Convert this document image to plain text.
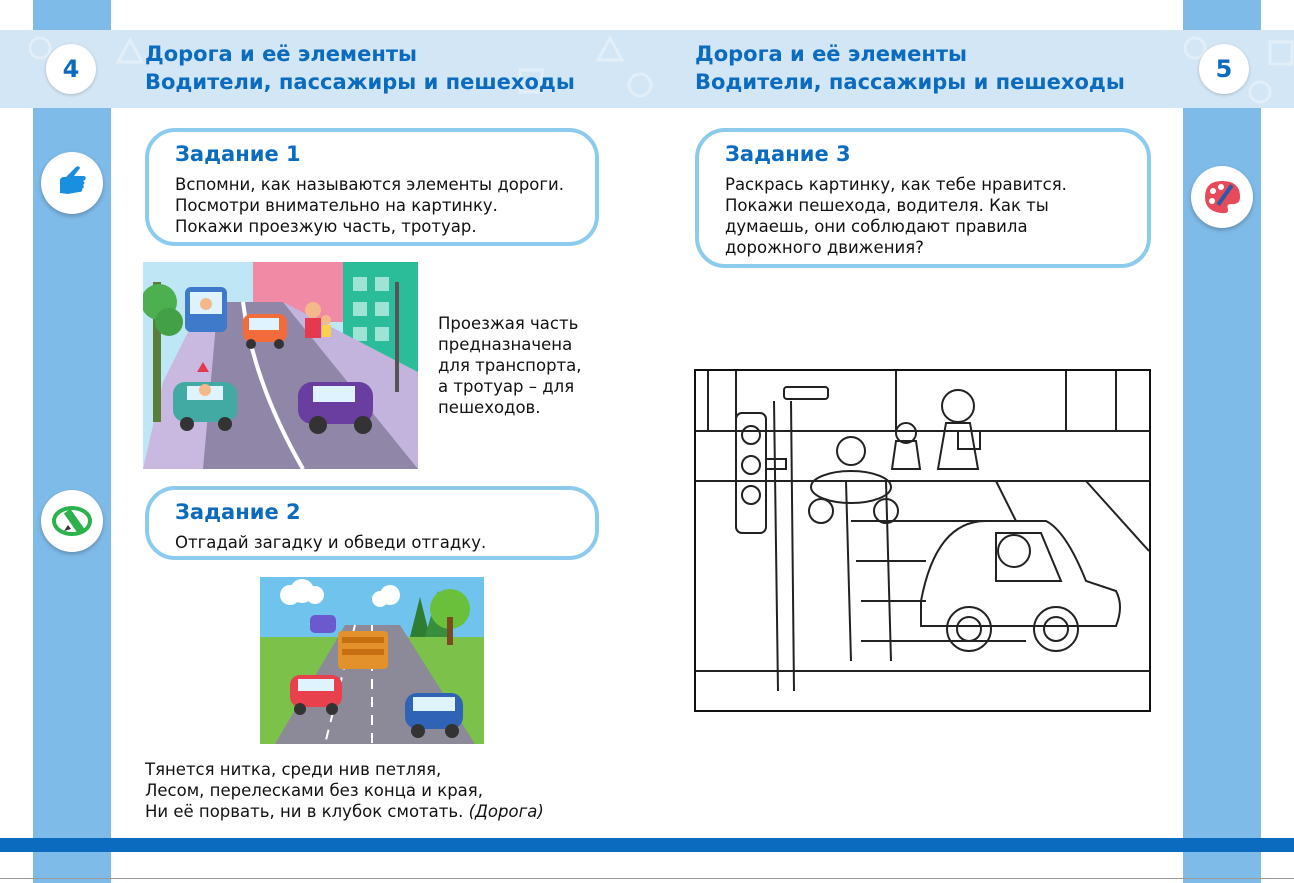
4	5
Дорога и её элементы
Водители, пассажиры и пешеходы
Дорога и её элементы
Водители, пассажиры и пешеходы
Задание 1
Вспомни, как называются элементы дороги.
Посмотри внимательно на картинку.
Покажи проезжую часть, тротуар.
Проезжая часть
предназначена
для транспорта,
а тротуар – для
пешеходов.
Задание 2
Отгадай загадку и обведи отгадку.
Тянется нитка, среди нив петляя,
Лесом, перелесками без конца и края,
Ни её порвать, ни в клубок смотать. (Дорога)
Задание 3
Раскрась картинку, как тебе нравится.
Покажи пешехода, водителя. Как ты
думаешь, они соблюдают правила
дорожного движения?
